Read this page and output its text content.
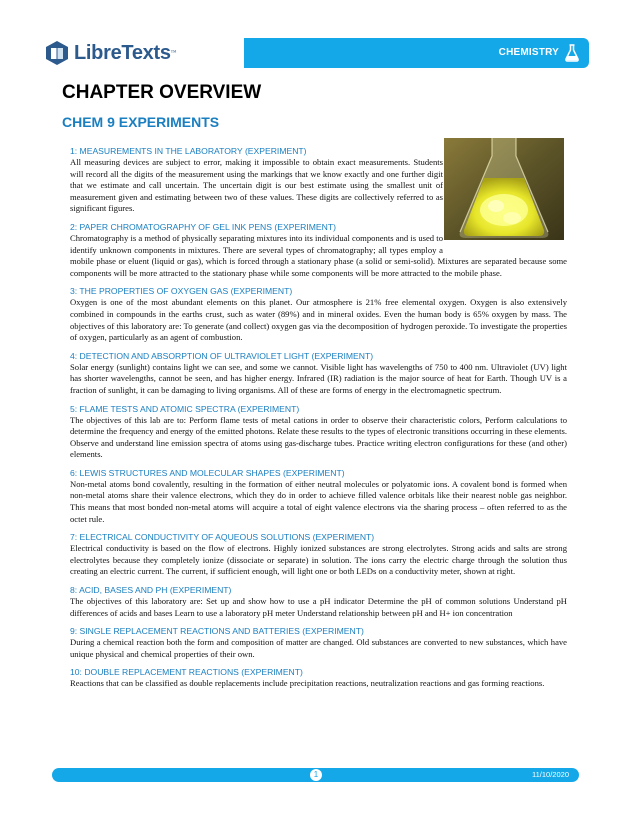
CHEMISTRY
LibreTexts ™
CHAPTER OVERVIEW
CHEM 9 EXPERIMENTS

1: MEASUREMENTS IN THE LABORATORY (EXPERIMENT)

All measuring devices are subject to error, making it impossible to obtain exact measurements. Students will record all the digits of the measurement using the markings that we know exactly and one further digit that we estimate and call uncertain. The uncertain digit is our best estimate using the smallest unit of measurement given and estimating between two of these values. These digits are collectively referred to as significant figures.

2: PAPER CHROMATOGRAPHY OF GEL INK PENS (EXPERIMENT)

Chromatography is a method of physically separating mixtures into its individual components and is used to identify unknown components in mixtures. There are several types of chromatography; all types employ a mobile phase or eluent (liquid or gas), which is forced through a stationary phase (a solid or semi-solid). Mixtures are separated because some components will be more attracted to the stationary phase while some components will be more attracted to the mobile phase.

3: THE PROPERTIES OF OXYGEN GAS (EXPERIMENT)

Oxygen is one of the most abundant elements on this planet. Our atmosphere is 21% free elemental oxygen. Oxygen is also extensively combined in compounds in the earths crust, such as water (89%) and in mineral oxides. Even the human body is 65% oxygen by mass. The objectives of this laboratory are: To generate (and collect) oxygen gas via the decomposition of hydrogen peroxide. To investigate the properties of oxygen, particularly as an agent of combustion.

4: DETECTION AND ABSORPTION OF ULTRAVIOLET LIGHT (EXPERIMENT)

Solar energy (sunlight) contains light we can see, and some we cannot. Visible light has wavelengths of 750 to 400 nm. Ultraviolet (UV) light has shorter wavelengths, cannot be seen, and has higher energy. Infrared (IR) radiation is the major source of heat for Earth. Though UV is a fraction of sunlight, it can be damaging to living organisms. All of these are forms of energy in the electromagnetic spectrum.

5: FLAME TESTS AND ATOMIC SPECTRA (EXPERIMENT)

The objectives of this lab are to: Perform flame tests of metal cations in order to observe their characteristic colors, Perform calculations to determine the frequency and energy of the emitted photons. Relate these results to the types of electronic transitions occurring in these elements. Observe and understand line emission spectra of atoms using gas-discharge tubes. Practice writing electron configurations for these (and other) elements.

6: LEWIS STRUCTURES AND MOLECULAR SHAPES (EXPERIMENT)

Non-metal atoms bond covalently, resulting in the formation of either neutral molecules or polyatomic ions. A covalent bond is formed when non-metal atoms share their valence electrons, which they do in order to achieve filled valence orbitals like their nearest noble gas neighbor. This means that most bonded non-metal atoms will acquire a total of eight valence electrons via the sharing process – often referred to as the octet rule.

7: ELECTRICAL CONDUCTIVITY OF AQUEOUS SOLUTIONS (EXPERIMENT)

Electrical conductivity is based on the flow of electrons. Highly ionized substances are strong electrolytes. Strong acids and salts are strong electrolytes because they completely ionize (dissociate or separate) in solution. The ions carry the electric charge through the solution thus creating an electric current. The current, if sufficient enough, will light one or both LEDs on a conductivity meter, shown at right.

8: ACID, BASES AND PH (EXPERIMENT)

The objectives of this laboratory are: Set up and show how to use a pH indicator Determine the pH of common solutions Understand pH differences of acids and bases Learn to use a laboratory pH meter Understand relationship between pH and H+ ion concentration

9: SINGLE REPLACEMENT REACTIONS AND BATTERIES (EXPERIMENT)

During a chemical reaction both the form and composition of matter are changed. Old substances are converted to new substances, which have unique physical and chemical properties of their own.

10: DOUBLE REPLACEMENT REACTIONS (EXPERIMENT)

Reactions that can be classified as double replacements include precipitation reactions, neutralization reactions and gas forming reactions.

1	11/10/2020
